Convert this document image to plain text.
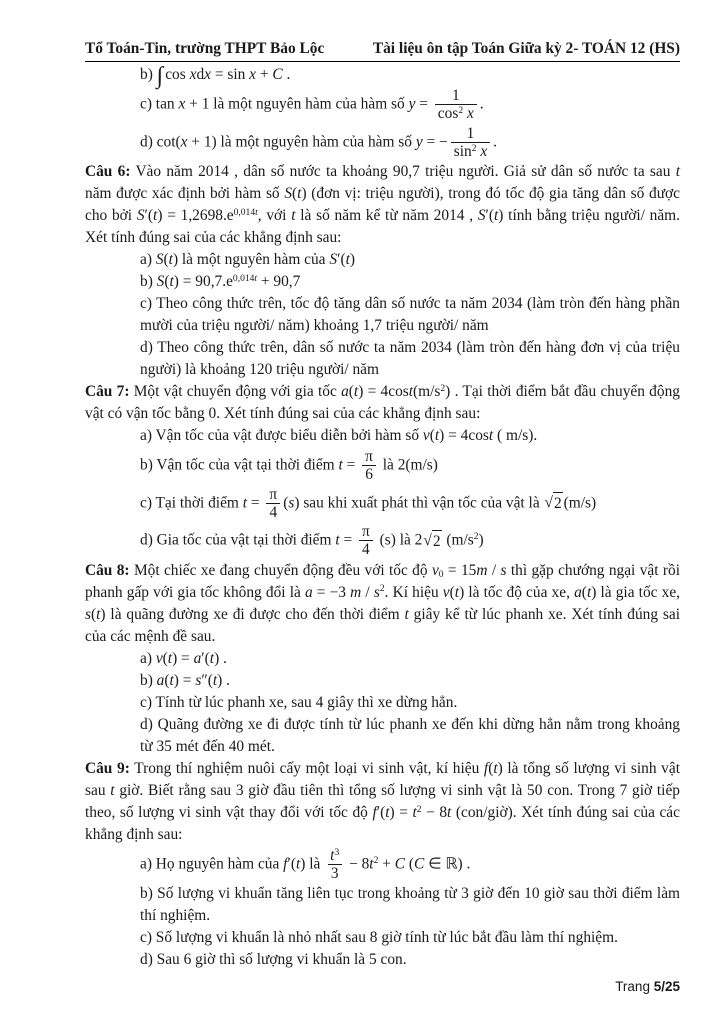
Tổ Toán-Tin, trường THPT Bảo Lộc	Tài liệu ôn tập Toán Giữa kỳ 2- TOÁN 12 (HS)

b) ∫ cos xdx = sin x + C .

c) tan x + 1 là một nguyên hàm của hàm số $y = \frac{1}{\cos^2 x}$ .

d) cot(x + 1) là một nguyên hàm của hàm số y = − $\frac{1}{\sin^2 x}$ .

Câu 6: Vào năm 2014 , dân số nước ta khoảng 90,7 triệu người. Giả sử dân số nước ta sau t năm được xác định bởi hàm số S(t) (đơn vị: triệu người), trong đó tốc độ gia tăng dân số được cho bởi $S'(t) = 1,2698.e^{0,014t}$, với t là số năm kể từ năm 2014 , S′(t) tính bằng triệu người/ năm. Xét tính đúng sai của các khẳng định sau:

a) S(t) là một nguyên hàm của S′(t)

b) $S(t) = 90,7.e^{0,014t} + 90,7$

c) Theo công thức trên, tốc độ tăng dân số nước ta năm 2034 (làm tròn đến hàng phần mười của triệu người/ năm) khoảng 1,7 triệu người/ năm

d) Theo công thức trên, dân số nước ta năm 2034 (làm tròn đến hàng đơn vị của triệu người) là khoảng 120 triệu người/ năm

Câu 7: Một vật chuyển động với gia tốc $a(t) = 4\cos t(m/s^2)$ . Tại thời điểm bắt đầu chuyển động vật có vận tốc bằng 0. Xét tính đúng sai của các khẳng định sau:

a) Vận tốc của vật được biểu diễn bởi hàm số v(t) = 4cost ( m/s).

b) Vận tốc của vật tại thời điểm $t = \frac{\pi}{6}$ là 2(m/s)

c) Tại thời điểm $t = \frac{\pi}{4} (s)$ sau khi xuất phát thì vận tốc của vật là √ 2 (m/s)

d) Gia tốc của vật tại thời điểm $t = \frac{\pi}{4} (s)$ là 2 √ 2 $(m/s^2)$

Câu 8: Một chiếc xe đang chuyển động đều với tốc độ $v_0 = 15m / s$ thì gặp chướng ngại vật rồi phanh gấp với gia tốc không đổi là a = −3 m / $s^2$. Kí hiệu v(t) là tốc độ của xe, a(t) là gia tốc xe, s(t) là quãng đường xe đi được cho đến thời điểm t giây kể từ lúc phanh xe. Xét tính đúng sai của các mệnh đề sau.

a) v(t) = a′(t) .

b) a(t) = s″(t) .

c) Tính từ lúc phanh xe, sau 4 giây thì xe dừng hẳn.

d) Quãng đường xe đi được tính từ lúc phanh xe đến khi dừng hẳn nằm trong khoảng từ 35 mét đến 40 mét.

Câu 9: Trong thí nghiệm nuôi cấy một loại vi sinh vật, kí hiệu f(t) là tổng số lượng vi sinh vật sau t giờ. Biết rằng sau 3 giờ đầu tiên thì tổng số lượng vi sinh vật là 50 con. Trong 7 giờ tiếp theo, số lượng vi sinh vật thay đổi với tốc độ $f'(t) = t^2 - 8t$ (con/giờ). Xét tính đúng sai của các khẳng định sau:

a) Họ nguyên hàm của f′(t) là $\frac{t^3}{3} - 8t^2 + C$ (C ∈ ℝ) .

b) Số lượng vi khuẩn tăng liên tục trong khoảng từ 3 giờ đến 10 giờ sau thời điểm làm thí nghiệm.

c) Số lượng vi khuẩn là nhỏ nhất sau 8 giờ tính từ lúc bắt đầu làm thí nghiệm.

d) Sau 6 giờ thì số lượng vi khuẩn là 5 con.

Trang 5/25
